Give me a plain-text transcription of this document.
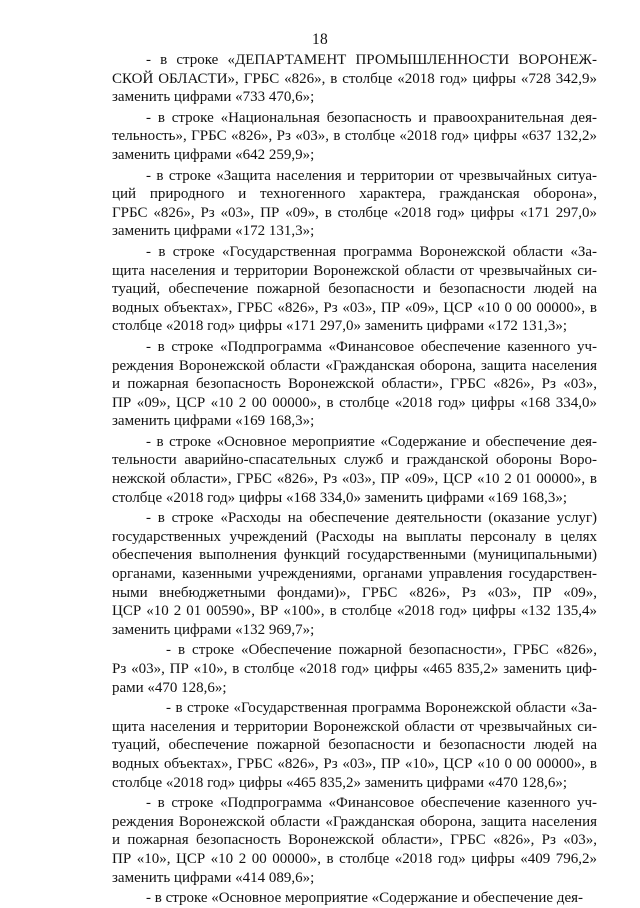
18

- в строке «ДЕПАРТАМЕНТ ПРОМЫШЛЕННОСТИ ВОРОНЕЖ-
СКОЙ ОБЛАСТИ», ГРБС «826», в столбце «2018 год» цифры «728 342,9»
заменить цифрами «733 470,6»;

- в строке «Национальная безопасность и правоохранительная дея-
тельность», ГРБС «826», Рз «03», в столбце «2018 год» цифры «637 132,2»
заменить цифрами «642 259,9»;

- в строке «Защита населения и территории от чрезвычайных ситуа-
ций природного и техногенного характера, гражданская оборона»,
ГРБС «826», Рз «03», ПР «09», в столбце «2018 год» цифры «171 297,0»
заменить цифрами «172 131,3»;

- в строке «Государственная программа Воронежской области «За-
щита населения и территории Воронежской области от чрезвычайных си-
туаций, обеспечение пожарной безопасности и безопасности людей на
водных объектах», ГРБС «826», Рз «03», ПР «09», ЦСР «10 0 00 00000», в
столбце «2018 год» цифры «171 297,0» заменить цифрами «172 131,3»;

- в строке «Подпрограмма «Финансовое обеспечение казенного уч-
реждения Воронежской области «Гражданская оборона, защита населения
и пожарная безопасность Воронежской области», ГРБС «826», Рз «03»,
ПР «09», ЦСР «10 2 00 00000», в столбце «2018 год» цифры «168 334,0»
заменить цифрами «169 168,3»;

- в строке «Основное мероприятие «Содержание и обеспечение дея-
тельности аварийно-спасательных служб и гражданской обороны Воро-
нежской области», ГРБС «826», Рз «03», ПР «09», ЦСР «10 2 01 00000», в
столбце «2018 год» цифры «168 334,0» заменить цифрами «169 168,3»;

- в строке «Расходы на обеспечение деятельности (оказание услуг)
государственных учреждений (Расходы на выплаты персоналу в целях
обеспечения выполнения функций государственными (муниципальными)
органами, казенными учреждениями, органами управления государствен-
ными внебюджетными фондами)», ГРБС «826», Рз «03», ПР «09»,
ЦСР «10 2 01 00590», ВР «100», в столбце «2018 год» цифры «132 135,4»
заменить цифрами «132 969,7»;

- в строке «Обеспечение пожарной безопасности», ГРБС «826»,
Рз «03», ПР «10», в столбце «2018 год» цифры «465 835,2» заменить циф-
рами «470 128,6»;

- в строке «Государственная программа Воронежской области «За-
щита населения и территории Воронежской области от чрезвычайных си-
туаций, обеспечение пожарной безопасности и безопасности людей на
водных объектах», ГРБС «826», Рз «03», ПР «10», ЦСР «10 0 00 00000», в
столбце «2018 год» цифры «465 835,2» заменить цифрами «470 128,6»;

- в строке «Подпрограмма «Финансовое обеспечение казенного уч-
реждения Воронежской области «Гражданская оборона, защита населения
и пожарная безопасность Воронежской области», ГРБС «826», Рз «03»,
ПР «10», ЦСР «10 2 00 00000», в столбце «2018 год» цифры «409 796,2»
заменить цифрами «414 089,6»;

- в строке «Основное мероприятие «Содержание и обеспечение дея-
